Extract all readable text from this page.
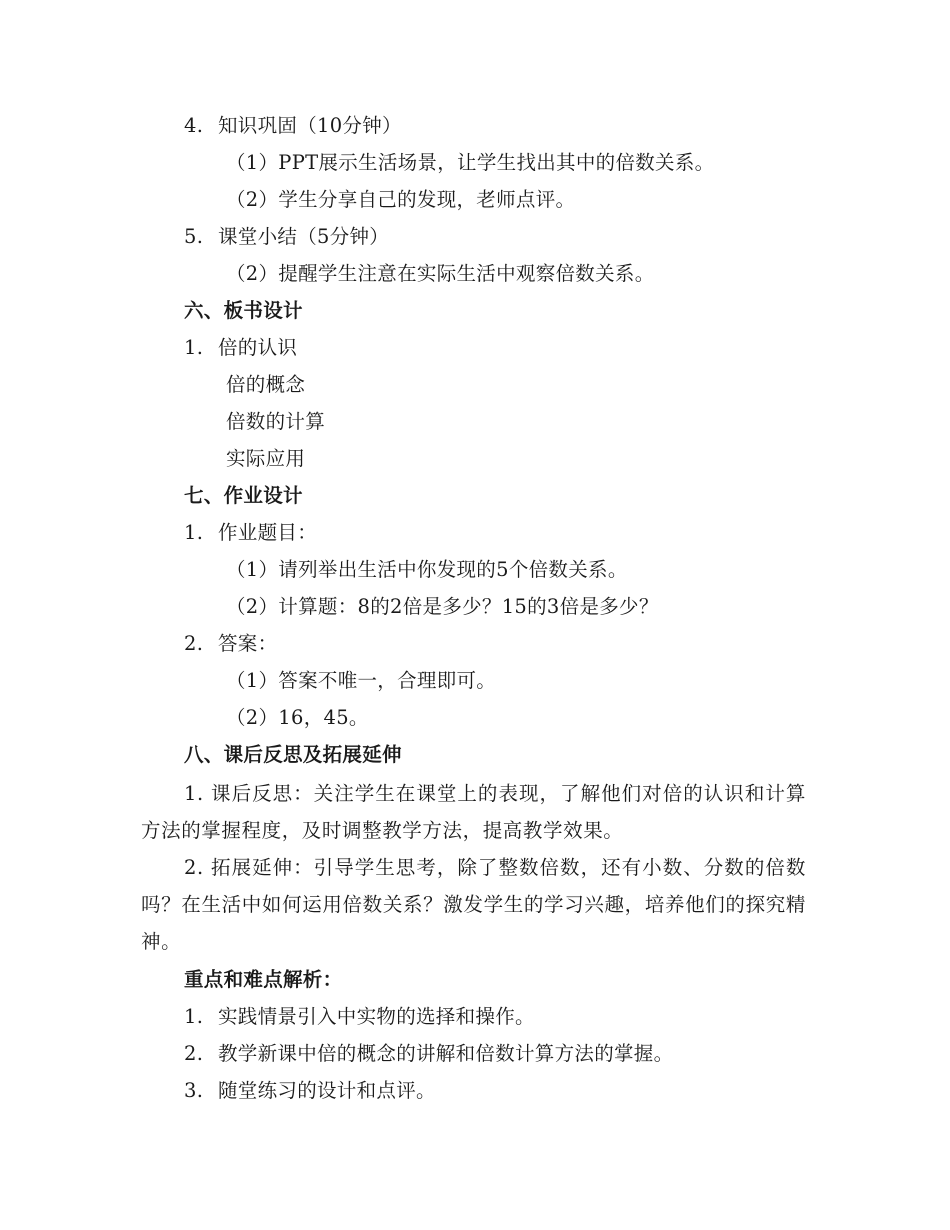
4. 知识巩固（10分钟）
（1）PPT展示生活场景，让学生找出其中的倍数关系。
（2）学生分享自己的发现，老师点评。
5. 课堂小结（5分钟）
（2）提醒学生注意在实际生活中观察倍数关系。
六、板书设计
1. 倍的认识
倍的概念
倍数的计算
实际应用
七、作业设计
1. 作业题目：
（1）请列举出生活中你发现的5个倍数关系。
（2）计算题：8的2倍是多少？15的3倍是多少？
2. 答案：
（1）答案不唯一，合理即可。
（2）16，45。
八、课后反思及拓展延伸
1. 课后反思：关注学生在课堂上的表现，了解他们对倍的认识和计算方法的掌握程度，及时调整教学方法，提高教学效果。
2. 拓展延伸：引导学生思考，除了整数倍数，还有小数、分数的倍数吗？在生活中如何运用倍数关系？激发学生的学习兴趣，培养他们的探究精神。
重点和难点解析：
1. 实践情景引入中实物的选择和操作。
2. 教学新课中倍的概念的讲解和倍数计算方法的掌握。
3. 随堂练习的设计和点评。
